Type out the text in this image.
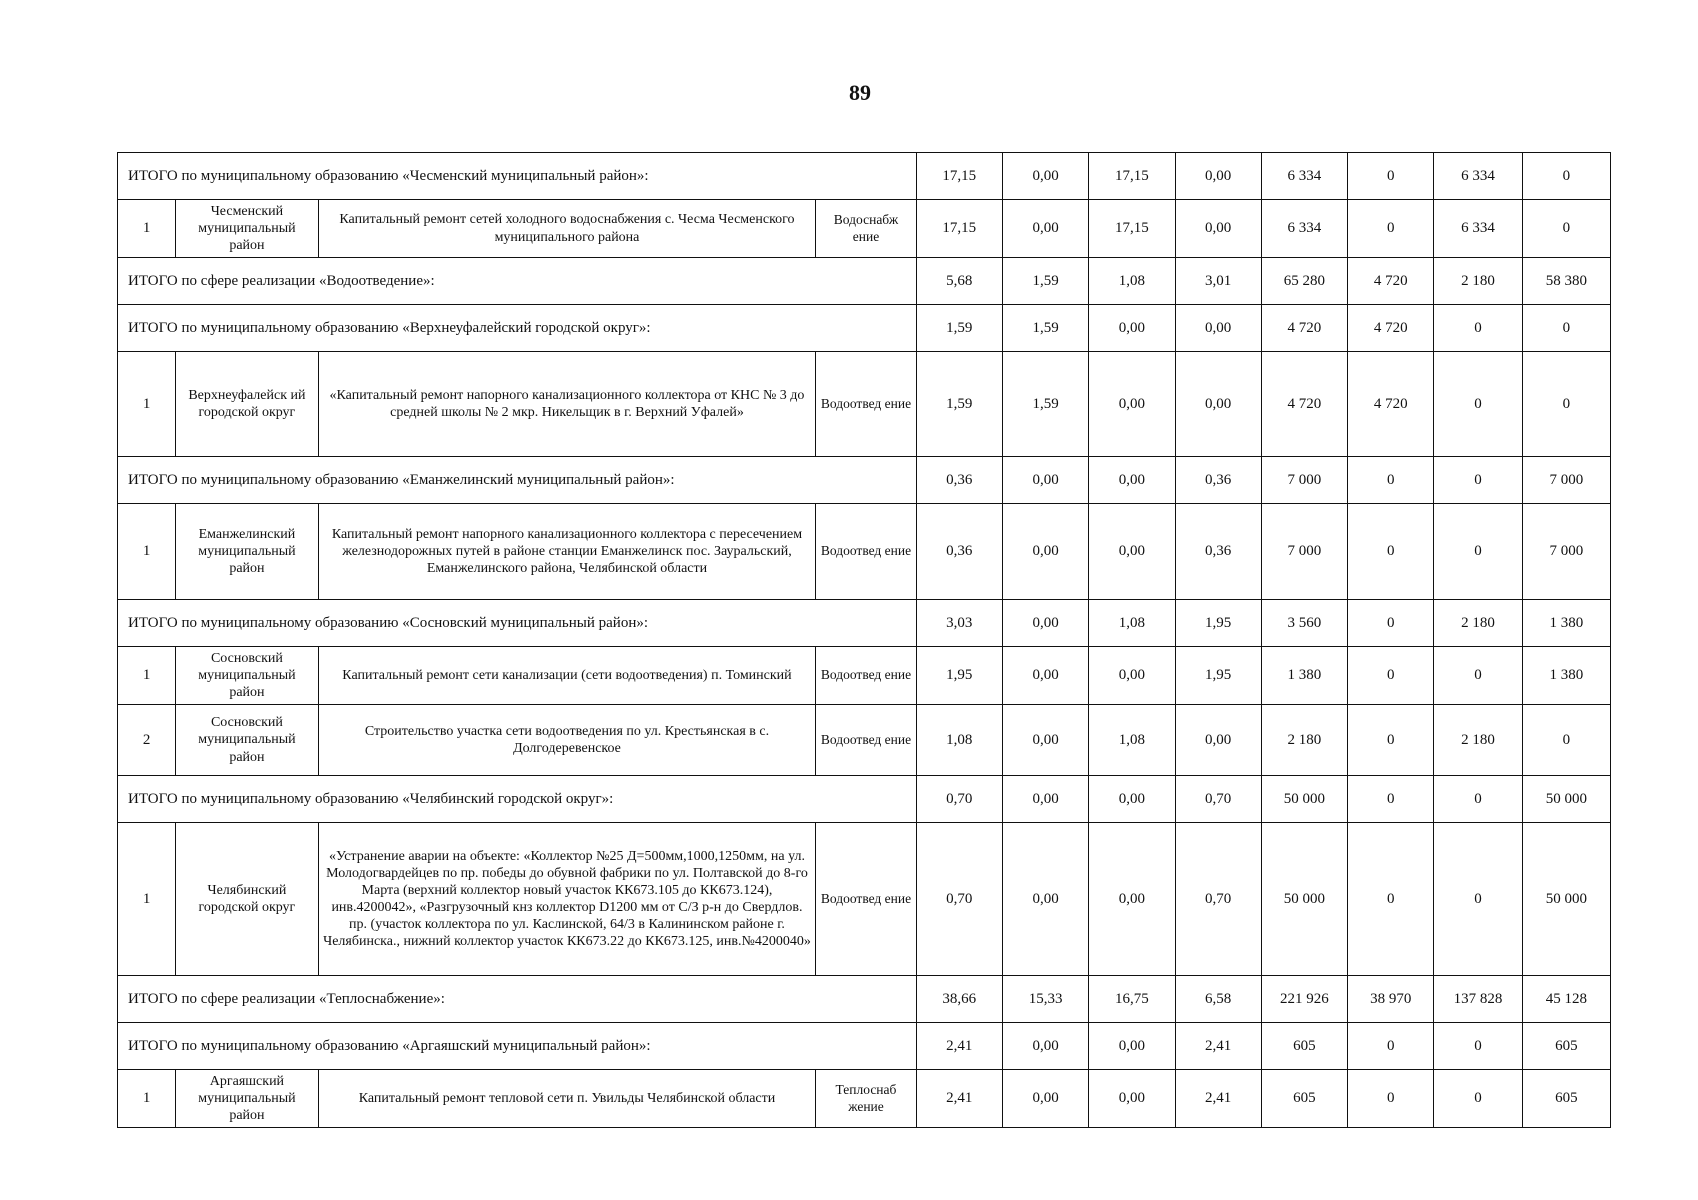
89
ИТОГО по муниципальному образованию «Чесменский муниципальный район»:				17,15	0,00	17,15	0,00	6 334	0	6 334	0
1	Чесменский муниципальный район	Капитальный ремонт сетей холодного водоснабжения с. Чесма Чесменского муниципального района	Водоснабж ение	17,15	0,00	17,15	0,00	6 334	0	6 334	0
ИТОГО по сфере реализации «Водоотведение»:				5,68	1,59	1,08	3,01	65 280	4 720	2 180	58 380
ИТОГО по муниципальному образованию «Верхнеуфалейский городской округ»:				1,59	1,59	0,00	0,00	4 720	4 720	0	0
1	Верхнеуфалейск ий городской округ	«Капитальный ремонт напорного канализационного коллектора от КНС № 3 до средней школы № 2 мкр. Никельщик в г. Верхний Уфалей»	Водоотвед ение	1,59	1,59	0,00	0,00	4 720	4 720	0	0
ИТОГО по муниципальному образованию «Еманжелинский муниципальный район»:				0,36	0,00	0,00	0,36	7 000	0	0	7 000
1	Еманжелинский муниципальный район	Капитальный ремонт напорного канализационного коллектора с пересечением железнодорожных путей в районе станции Еманжелинск пос. Зауральский, Еманжелинского района, Челябинской области	Водоотвед ение	0,36	0,00	0,00	0,36	7 000	0	0	7 000
ИТОГО по муниципальному образованию «Сосновский муниципальный район»:				3,03	0,00	1,08	1,95	3 560	0	2 180	1 380
1	Сосновский муниципальный район	Капитальный ремонт сети канализации (сети водоотведения) п. Томинский	Водоотвед ение	1,95	0,00	0,00	1,95	1 380	0	0	1 380
2	Сосновский муниципальный район	Строительство участка сети водоотведения по ул. Крестьянская в с. Долгодеревенское	Водоотвед ение	1,08	0,00	1,08	0,00	2 180	0	2 180	0
ИТОГО по муниципальному образованию «Челябинский городской округ»:				0,70	0,00	0,00	0,70	50 000	0	0	50 000
1	Челябинский городской округ	«Устранение аварии на объекте: «Коллектор №25 Д=500мм,1000,1250мм, на ул. Молодогвардейцев по пр. победы до обувной фабрики по ул. Полтавской до 8-го Марта (верхний коллектор новый участок КК673.105 до КК673.124), инв.4200042», «Разгрузочный кнз коллектор D1200 мм от С/З р-н до Свердлов. пр. (участок коллектора по ул. Каслинской, 64/3 в Калининском районе г. Челябинска., нижний коллектор участок КК673.22 до КК673.125, инв.№4200040»	Водоотвед ение	0,70	0,00	0,00	0,70	50 000	0	0	50 000
ИТОГО по сфере реализации «Теплоснабжение»:				38,66	15,33	16,75	6,58	221 926	38 970	137 828	45 128
ИТОГО по муниципальному образованию «Аргаяшский муниципальный район»:				2,41	0,00	0,00	2,41	605	0	0	605
1	Аргаяшский муниципальный район	Капитальный ремонт тепловой сети п. Увильды Челябинской области	Теплоснаб жение	2,41	0,00	0,00	2,41	605	0	0	605
